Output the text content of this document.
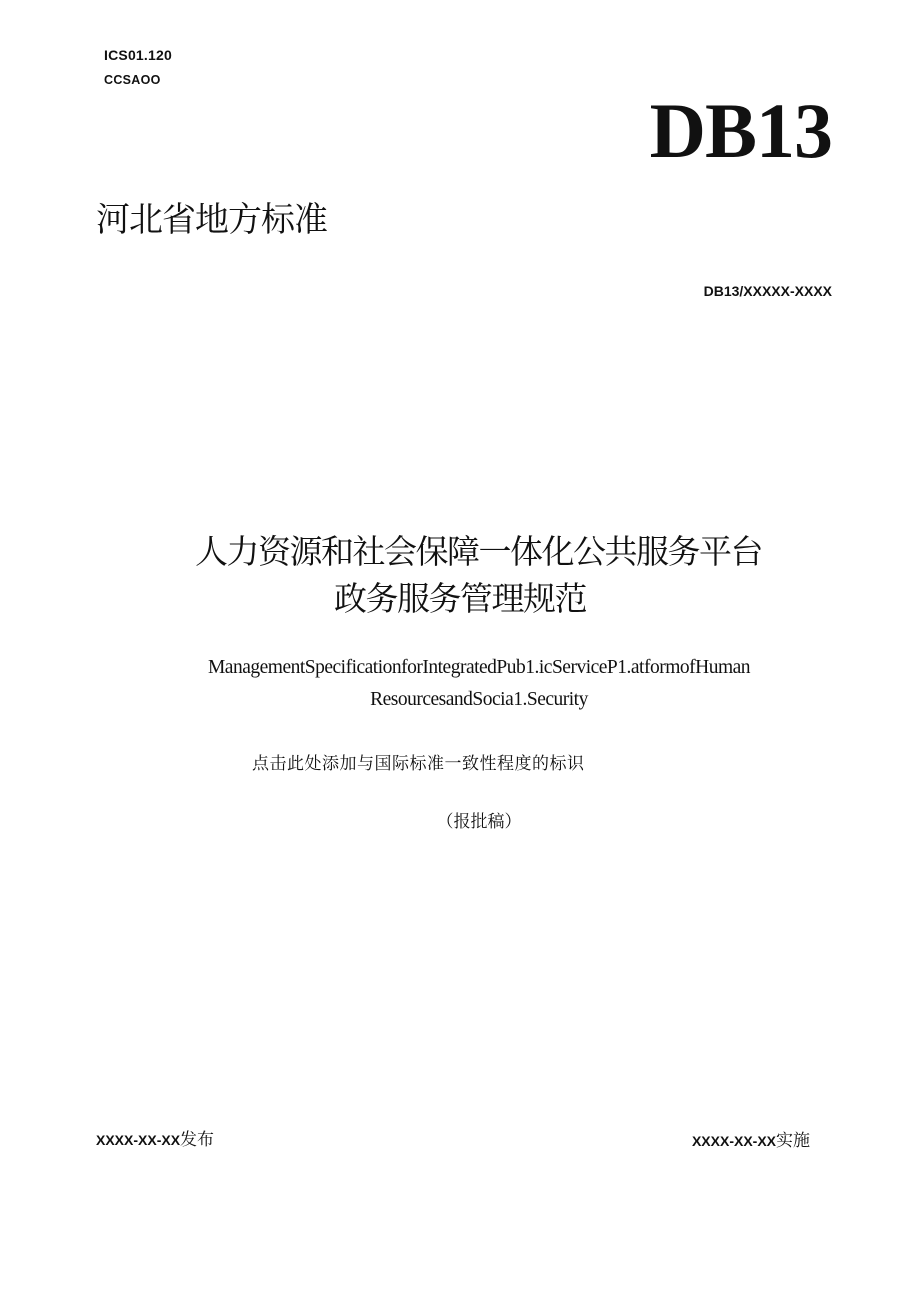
ICS01.120
CCSAOO
DB13
河北省地方标准
DB13/XXXXX-XXXX
人力资源和社会保障一体化公共服务平台
政务服务管理规范
ManagementSpecificationforIntegratedPub1.icServiceP1.atformofHuman
ResourcesandSocia1.Security
点击此处添加与国际标准一致性程度的标识
（报批稿）
XXXX-XX-XX发布	XXXX-XX-XX实施
